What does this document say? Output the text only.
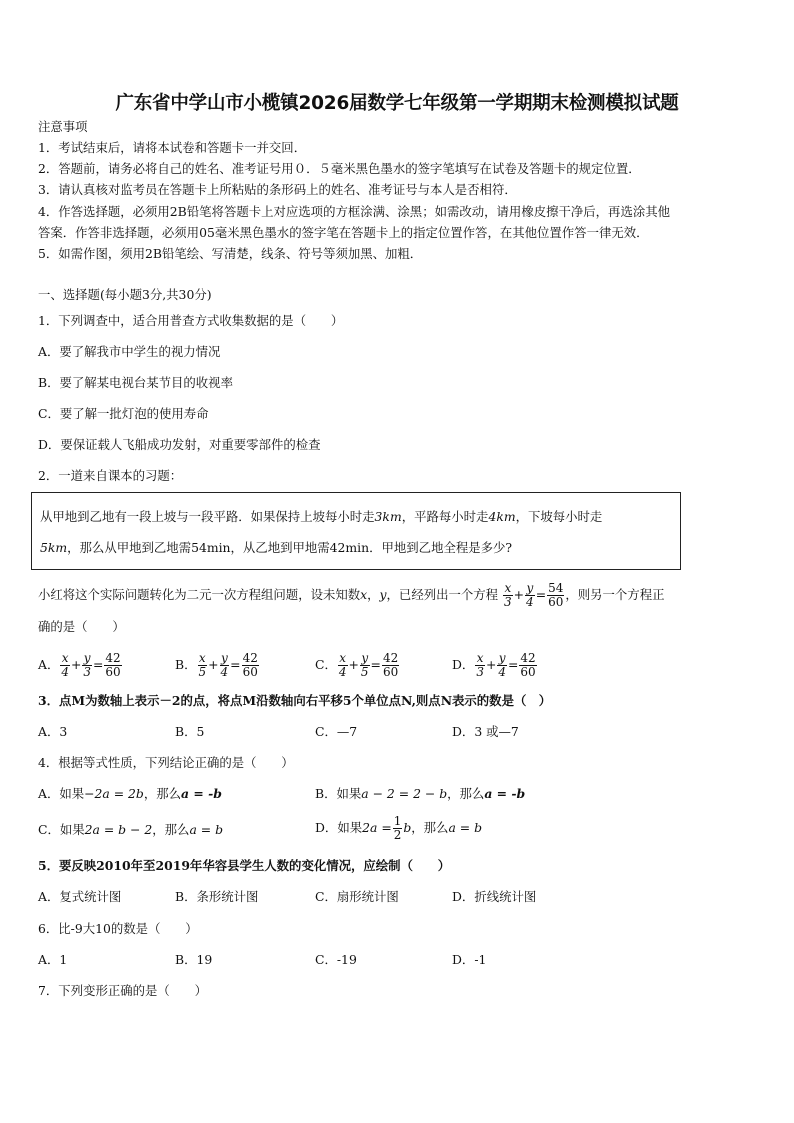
广东省中学山市小榄镇2026届数学七年级第一学期期末检测模拟试题
注意事项
1．考试结束后，请将本试卷和答题卡一并交回．
2．答题前，请务必将自己的姓名、准考证号用０．５毫米黑色墨水的签字笔填写在试卷及答题卡的规定位置．
3．请认真核对监考员在答题卡上所粘贴的条形码上的姓名、准考证号与本人是否相符．
4．作答选择题，必须用2B铅笔将答题卡上对应选项的方框涂满、涂黑；如需改动，请用橡皮擦干净后，再选涂其他
答案．作答非选择题，必须用05毫米黑色墨水的签字笔在答题卡上的指定位置作答，在其他位置作答一律无效．
5．如需作图，须用2B铅笔绘、写清楚，线条、符号等须加黑、加粗．
一、选择题(每小题3分,共30分)
1．下列调查中，适合用普查方式收集数据的是（　　）
A．要了解我市中学生的视力情况
B．要了解某电视台某节目的收视率
C．要了解一批灯泡的使用寿命
D．要保证载人飞船成功发射，对重要零部件的检查
2．一道来自课本的习题：
从甲地到乙地有一段上坡与一段平路．如果保持上坡每小时走3km，平路每小时走4km，下坡每小时走
5km，那么从甲地到乙地需54min，从乙地到甲地需42min．甲地到乙地全程是多少?
小红将这个实际问题转化为二元一次方程组问题，设未知数x，y，已经列出一个方程 $\frac{x}{3} + \frac{y}{4} = \frac{54}{60}$ ，则另一个方程正
确的是（　　）
A． $\frac{x}{4} + \frac{y}{3} = \frac{42}{60}$	B． $\frac{x}{5} + \frac{y}{4} = \frac{42}{60}$	C． $\frac{x}{4} + \frac{y}{5} = \frac{42}{60}$	D． $\frac{x}{3} + \frac{y}{4} = \frac{42}{60}$
3．点M为数轴上表示－2的点，将点M沿数轴向右平移5个单位点N,则点N表示的数是（　）
A．3	B．5	C．—7	D．3 或—7
4．根据等式性质，下列结论正确的是（　　）
A．如果−2a = 2b，那么a = -b	B．如果a − 2 = 2 − b，那么a = -b
C．如果2a = b − 2，那么a = b	D．如果$2a = \frac{1}{2}$ b，那么a = b
5．要反映2010年至2019年华容县学生人数的变化情况，应绘制（　　）
A．复式统计图	B．条形统计图	C．扇形统计图	D．折线统计图
6．比-9大10的数是（　　）
A．1	B．19	C．-19	D．-1
7．下列变形正确的是（　　）
